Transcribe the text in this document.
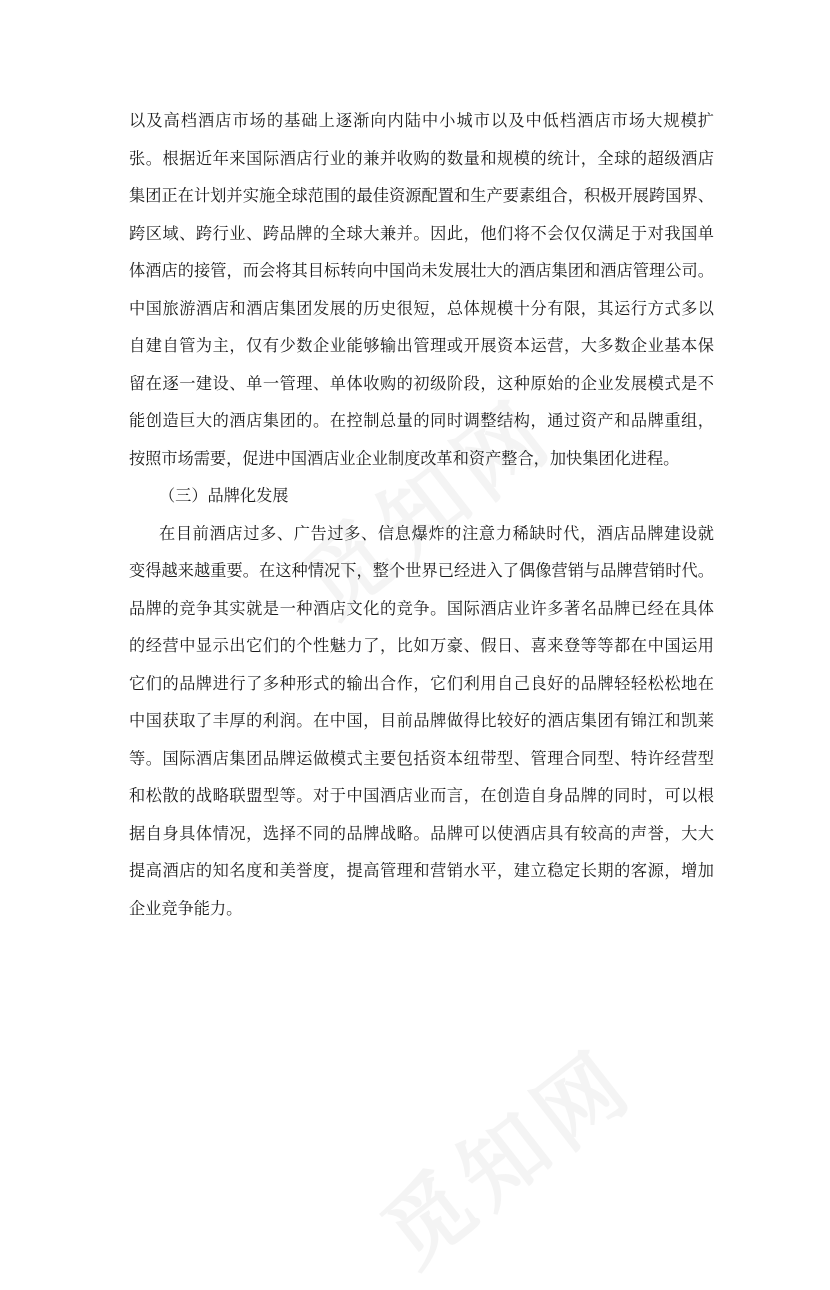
以及高档酒店市场的基础上逐渐向内陆中小城市以及中低档酒店市场大规模扩
张。根据近年来国际酒店行业的兼并收购的数量和规模的统计，全球的超级酒店
集团正在计划并实施全球范围的最佳资源配置和生产要素组合，积极开展跨国界、
跨区域、跨行业、跨品牌的全球大兼并。因此，他们将不会仅仅满足于对我国单
体酒店的接管，而会将其目标转向中国尚未发展壮大的酒店集团和酒店管理公司。
中国旅游酒店和酒店集团发展的历史很短，总体规模十分有限，其运行方式多以
自建自管为主，仅有少数企业能够输出管理或开展资本运营，大多数企业基本保
留在逐一建设、单一管理、单体收购的初级阶段，这种原始的企业发展模式是不
能创造巨大的酒店集团的。在控制总量的同时调整结构，通过资产和品牌重组，
按照市场需要，促进中国酒店业企业制度改革和资产整合，加快集团化进程。
（三）品牌化发展
在目前酒店过多、广告过多、信息爆炸的注意力稀缺时代，酒店品牌建设就
变得越来越重要。在这种情况下，整个世界已经进入了偶像营销与品牌营销时代。
品牌的竞争其实就是一种酒店文化的竞争。国际酒店业许多著名品牌已经在具体
的经营中显示出它们的个性魅力了，比如万豪、假日、喜来登等等都在中国运用
它们的品牌进行了多种形式的输出合作，它们利用自己良好的品牌轻轻松松地在
中国获取了丰厚的利润。在中国，目前品牌做得比较好的酒店集团有锦江和凯莱
等。国际酒店集团品牌运做模式主要包括资本纽带型、管理合同型、特许经营型
和松散的战略联盟型等。对于中国酒店业而言，在创造自身品牌的同时，可以根
据自身具体情况，选择不同的品牌战略。品牌可以使酒店具有较高的声誉，大大
提高酒店的知名度和美誉度，提高管理和营销水平，建立稳定长期的客源，增加
企业竞争能力。
